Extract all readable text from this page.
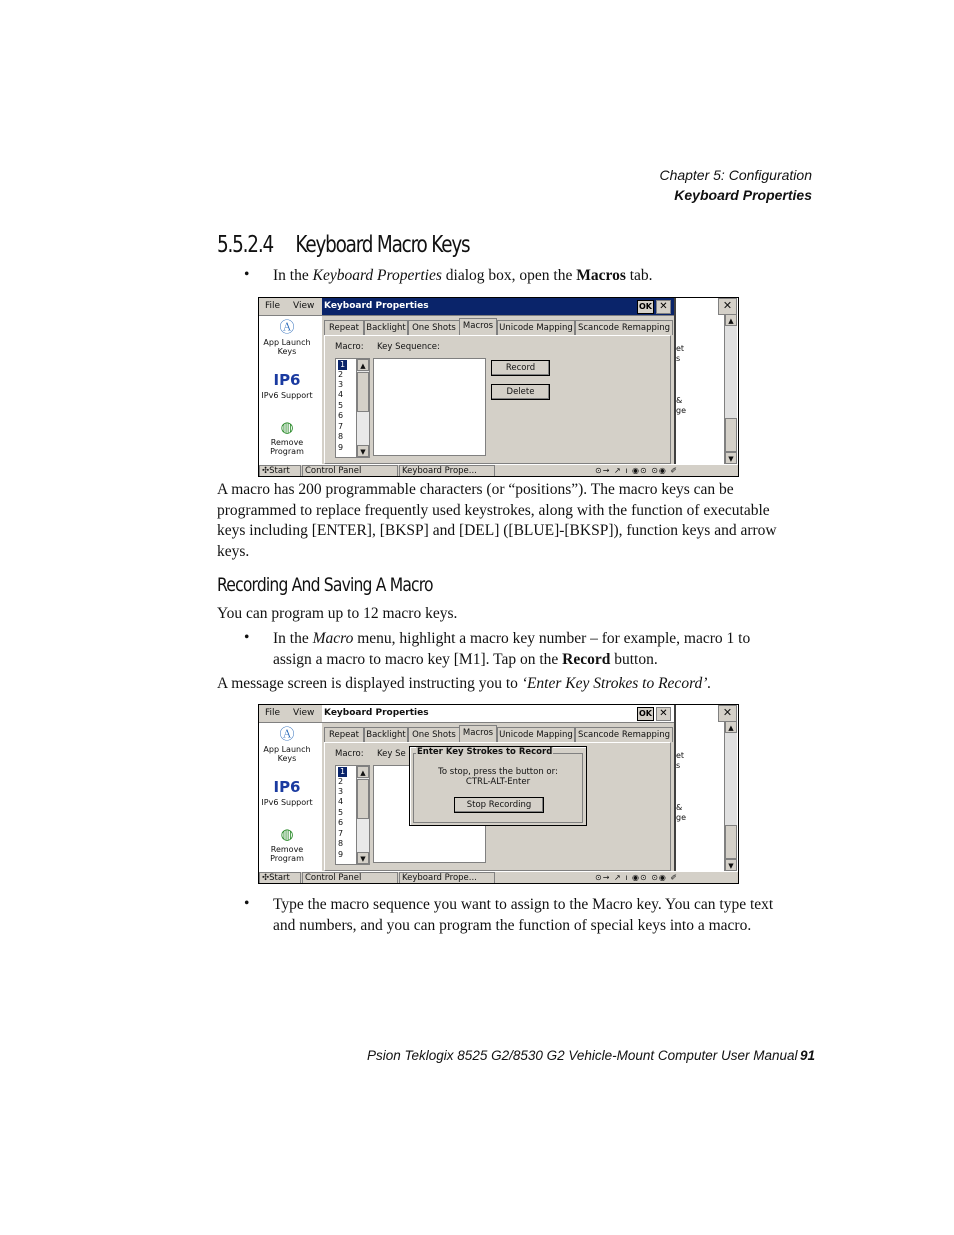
Chapter 5: Configuration
Keyboard Properties
5.5.2.4 Keyboard Macro Keys
• In the Keyboard Properties dialog box, open the Macros tab.
File View
Ⓐ
App Launch Keys
IP6
IPv6 Support
◍
Remove Program
✕
et
s
&
ge
▲
▼
Keyboard Properties	OK ✕
Repeat Backlight One Shots Macros Unicode Mapping Scancode Remapping
Macro: Key Sequence:
1
2
3
4
5
6
7
8
9
▲
▼
Record
Delete
✣Start	Control Panel	Keyboard Prope...	⊙→ ↗ ı ◉⊙ ⊙◉ ✐
A macro has 200 programmable characters (or “positions”). The macro keys can be programmed to replace frequently used keystrokes, along with the function of executable keys including [ENTER], [BKSP] and [DEL] ([BLUE]-[BKSP]), function keys and arrow keys.
Recording And Saving A Macro
You can program up to 12 macro keys.
• In the Macro menu, highlight a macro key number – for example, macro 1 to assign a macro to macro key [M1]. Tap on the Record button.
A message screen is displayed instructing you to ‘Enter Key Strokes to Record’.
File View
Ⓐ
App Launch Keys
IP6
IPv6 Support
◍
Remove Program
✕
et
s
&
ge
▲
▼
Keyboard Properties	OK ✕
Repeat Backlight One Shots Macros Unicode Mapping Scancode Remapping
Macro: Key Se
1
2
3
4
5
6
7
8
9
▲
▼
Enter Key Strokes to Record
To stop, press the button or:
CTRL-ALT-Enter
Stop Recording
✣Start	Control Panel	Keyboard Prope...	⊙→ ↗ ı ◉⊙ ⊙◉ ✐
• Type the macro sequence you want to assign to the Macro key. You can type text and numbers, and you can program the function of special keys into a macro.
Psion Teklogix 8525 G2/8530 G2 Vehicle-Mount Computer User Manual 91
